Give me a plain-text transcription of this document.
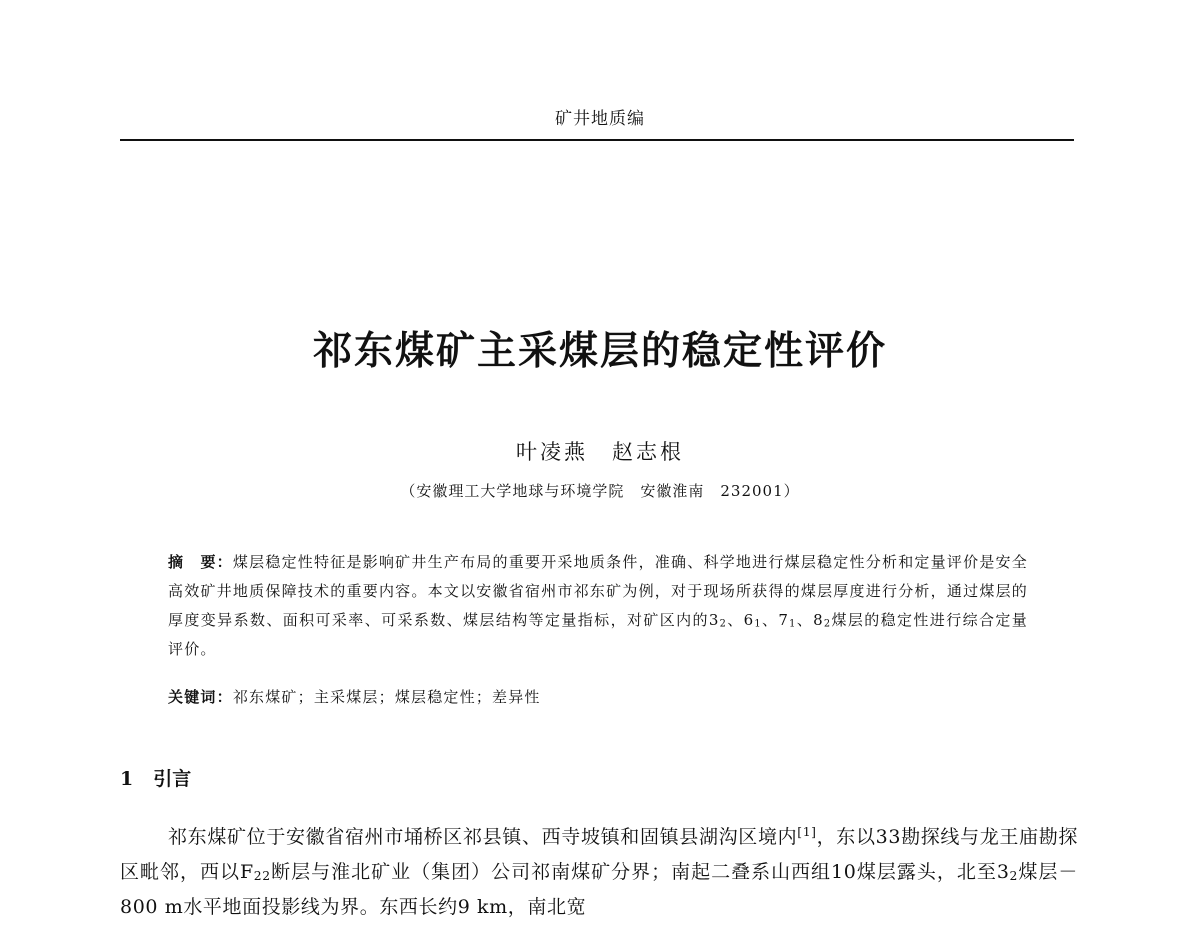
矿井地质编
祁东煤矿主采煤层的稳定性评价
叶凌燕　赵志根
（安徽理工大学地球与环境学院　安徽淮南　232001）
摘　要：煤层稳定性特征是影响矿井生产布局的重要开采地质条件，准确、科学地进行煤层稳定性分析和定量评价是安全高效矿井地质保障技术的重要内容。本文以安徽省宿州市祁东矿为例，对于现场所获得的煤层厚度进行分析，通过煤层的厚度变异系数、面积可采率、可采系数、煤层结构等定量指标，对矿区内的$3_2$、$6_1$、$7_1$、$8_2$煤层的稳定性进行综合定量评价。
关键词：祁东煤矿；主采煤层；煤层稳定性；差异性
1 引言
祁东煤矿位于安徽省宿州市埇桥区祁县镇、西寺坡镇和固镇县湖沟区境内[1]，东以33勘探线与龙王庙勘探区毗邻，西以$F_{22}$断层与淮北矿业（集团）公司祁南煤矿分界；南起二叠系山西组10煤层露头，北至$3_2$煤层－800 m水平地面投影线为界。东西长约9 km，南北宽
